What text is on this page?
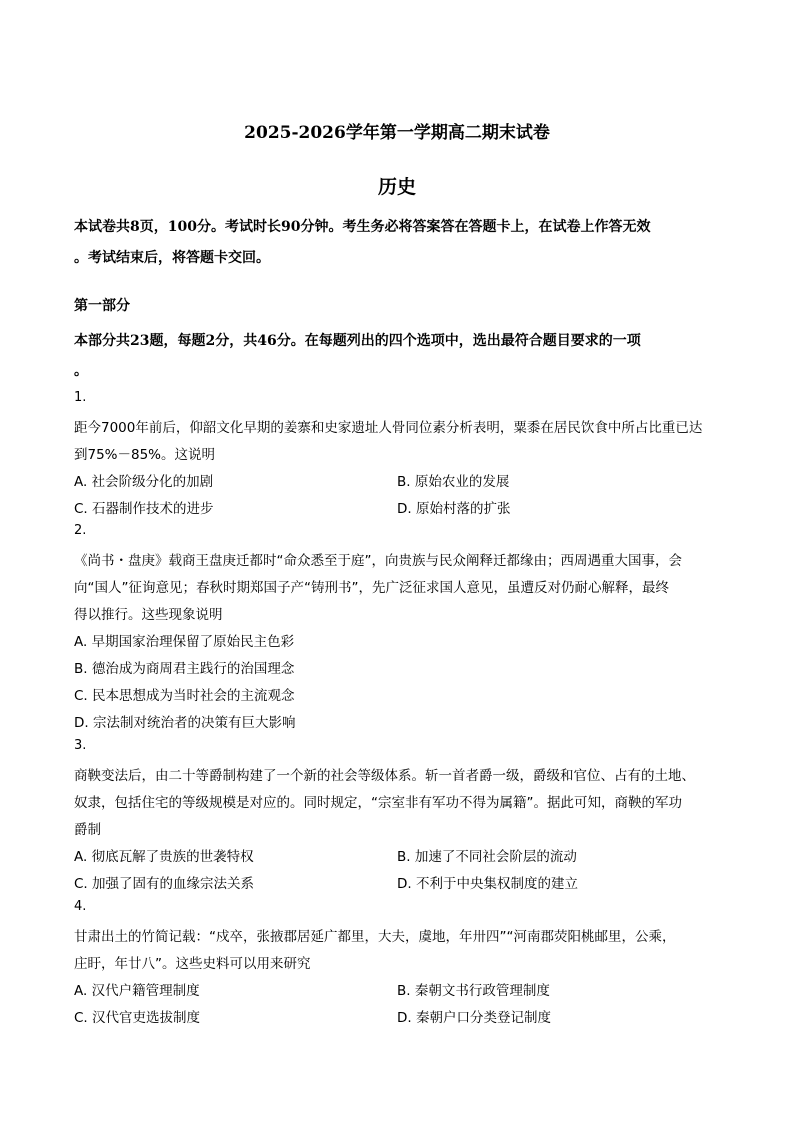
2025-2026学年第一学期高二期末试卷
历史
本试卷共8页，100分。考试时长90分钟。考生务必将答案答在答题卡上，在试卷上作答无效
。考试结束后，将答题卡交回。
第一部分
本部分共23题，每题2分，共46分。在每题列出的四个选项中，选出最符合题目要求的一项
。
1.
距今7000年前后，仰韶文化早期的姜寨和史家遗址人骨同位素分析表明，粟黍在居民饮食中所占比重已达
到75%－85%。这说明
A. 社会阶级分化的加剧	B. 原始农业的发展
C. 石器制作技术的进步	D. 原始村落的扩张
2.
《尚书・盘庚》载商王盘庚迁都时“命众悉至于庭”，向贵族与民众阐释迁都缘由；西周遇重大国事，会
向“国人”征询意见；春秋时期郑国子产“铸刑书”，先广泛征求国人意见，虽遭反对仍耐心解释，最终
得以推行。这些现象说明
A. 早期国家治理保留了原始民主色彩
B. 德治成为商周君主践行的治国理念
C. 民本思想成为当时社会的主流观念
D. 宗法制对统治者的决策有巨大影响
3.
商鞅变法后，由二十等爵制构建了一个新的社会等级体系。斩一首者爵一级，爵级和官位、占有的土地、
奴隶，包括住宅的等级规模是对应的。同时规定，“宗室非有军功不得为属籍”。据此可知，商鞅的军功
爵制
A. 彻底瓦解了贵族的世袭特权	B. 加速了不同社会阶层的流动
C. 加强了固有的血缘宗法关系	D. 不利于中央集权制度的建立
4.
甘肃出土的竹简记载：“戍卒，张掖郡居延广都里，大夫，虞地，年卅四”“河南郡荧阳桃邮里，公乘，
庄盱，年廿八”。这些史料可以用来研究
A. 汉代户籍管理制度	B. 秦朝文书行政管理制度
C. 汉代官吏选拔制度	D. 秦朝户口分类登记制度
